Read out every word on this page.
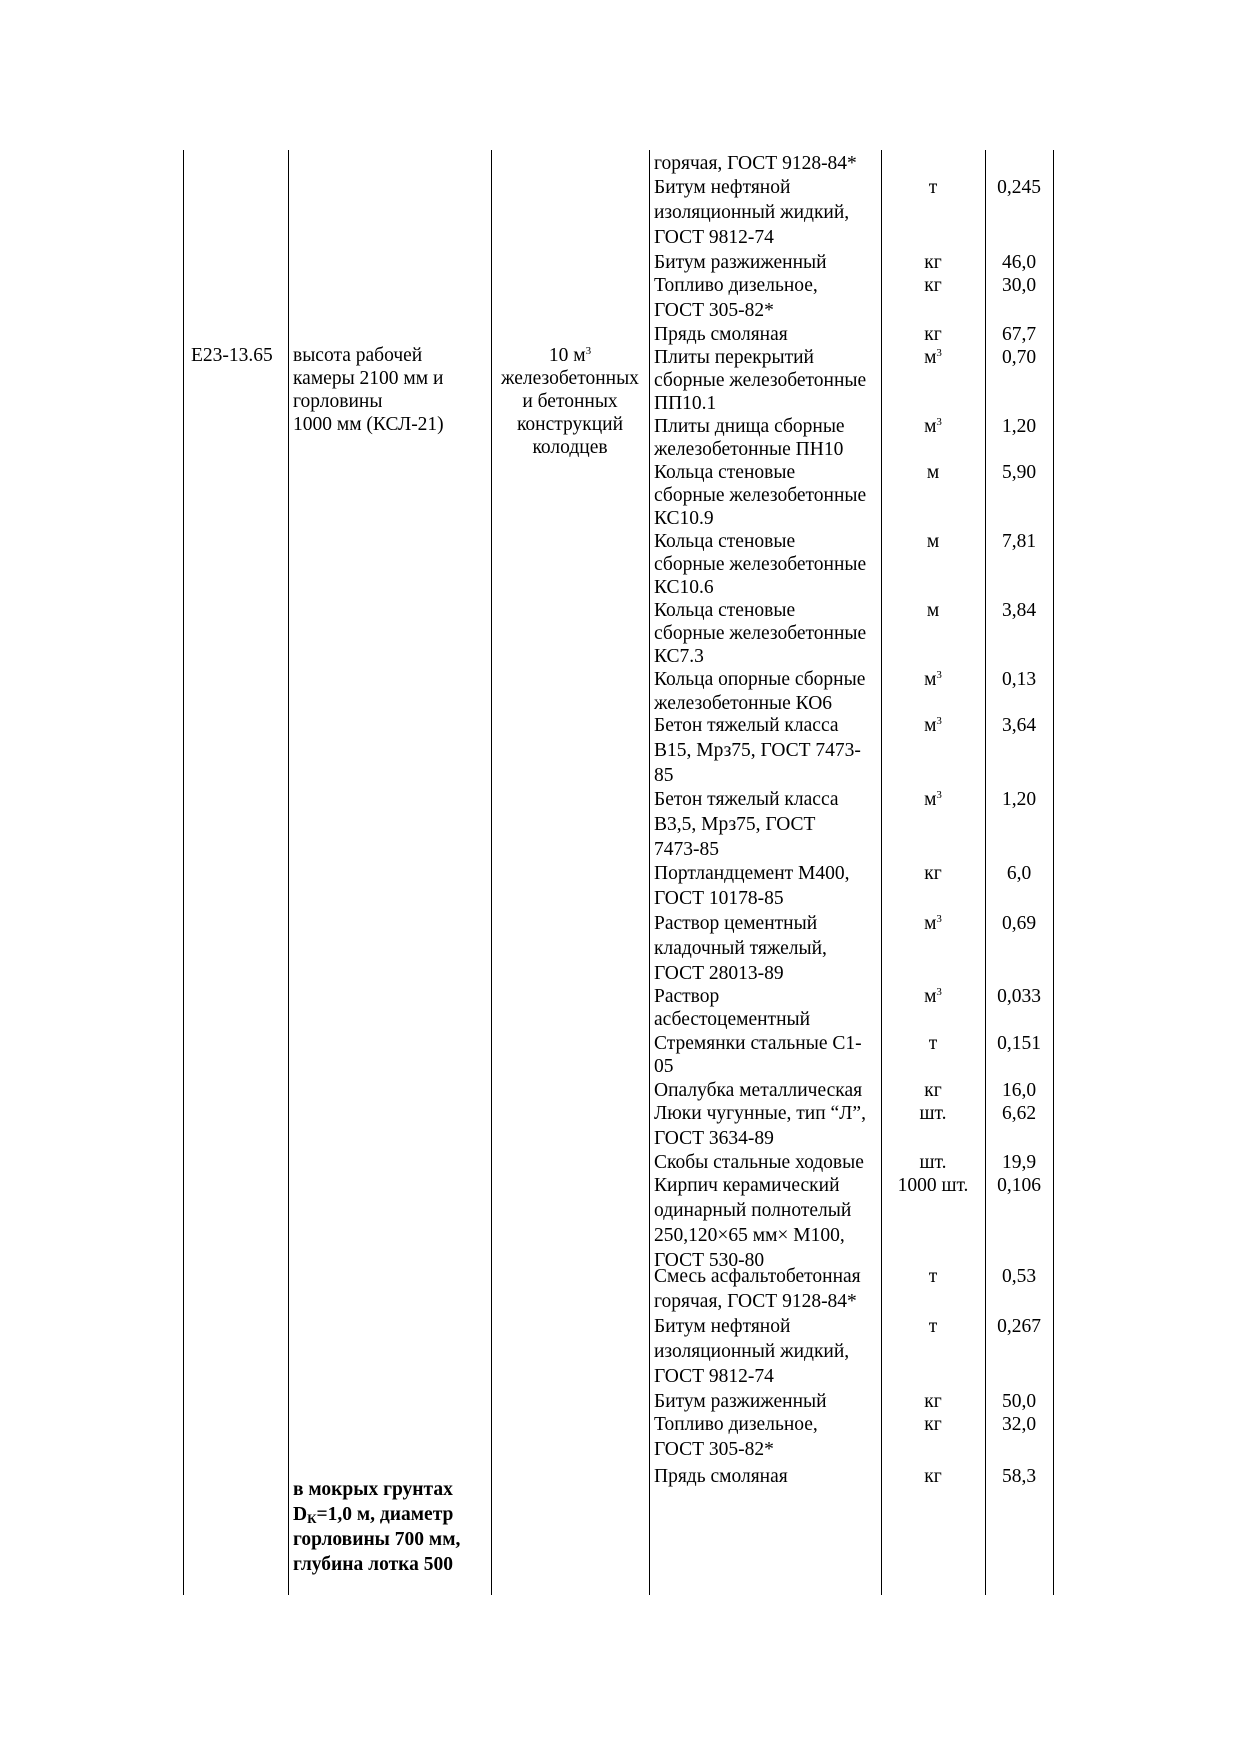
Е23-13.65 высота рабочей
камеры 2100 мм и
горловины
1000 мм (КСЛ-21)
10 $м^3$
железобетонных
и бетонных
конструкций
колодцев
горячая, ГОСТ 9128-84*
Битум нефтяной
изоляционный жидкий,
ГОСТ 9812-74
т	0,245
Битум разжиженный	кг	46,0
Топливо дизельное,
ГОСТ 305-82*
кг	30,0
Прядь смоляная	кг	67,7
Плиты перекрытий
сборные железобетонные
ПП10.1
$м^3$	0,70
Плиты днища сборные
железобетонные ПН10
$м^3$	1,20
Кольца стеновые
сборные железобетонные
КС10.9
м	5,90
Кольца стеновые
сборные железобетонные
КС10.6
м	7,81
Кольца стеновые
сборные железобетонные
КС7.3
м	3,84
Кольца опорные сборные
железобетонные КО6
$м^3$	0,13
Бетон тяжелый класса
В15, Мрз75, ГОСТ 7473-
85
$м^3$	3,64
Бетон тяжелый класса
В3,5, Мрз75, ГОСТ
7473-85
$м^3$	1,20
Портландцемент М400,
ГОСТ 10178-85
кг	6,0
Раствор цементный
кладочный тяжелый,
ГОСТ 28013-89
$м^3$	0,69
Раствор
асбестоцементный
$м^3$	0,033
Стремянки стальные С1-
05
т	0,151
Опалубка металлическая	кг	16,0
Люки чугунные, тип “Л”,
ГОСТ 3634-89
шт.	6,62
Скобы стальные ходовые	шт.	19,9
Кирпич керамический
одинарный полнотелый
250,120×65 мм× М100,
ГОСТ 530-80
1000 шт.	0,106
Смесь асфальтобетонная
горячая, ГОСТ 9128-84*
т	0,53
Битум нефтяной
изоляционный жидкий,
ГОСТ 9812-74
т	0,267
Битум разжиженный	кг	50,0
Топливо дизельное,
ГОСТ 305-82*
кг	32,0
Прядь смоляная	кг	58,3
в мокрых грунтах
$D_К=1,0$ м, диаметр
горловины 700 мм,
глубина лотка 500
